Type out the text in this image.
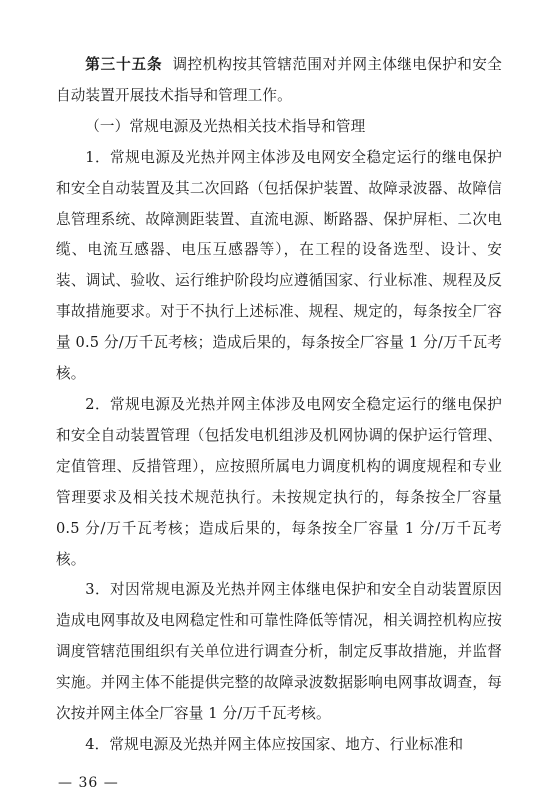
第三十五条 调控机构按其管辖范围对并网主体继电保护和安全自动装置开展技术指导和管理工作。

（一）常规电源及光热相关技术指导和管理

1．常规电源及光热并网主体涉及电网安全稳定运行的继电保护和安全自动装置及其二次回路（包括保护装置、故障录波器、故障信息管理系统、故障测距装置、直流电源、断路器、保护屏柜、二次电缆、电流互感器、电压互感器等），在工程的设备选型、设计、安装、调试、验收、运行维护阶段均应遵循国家、行业标准、规程及反事故措施要求。对于不执行上述标准、规程、规定的，每条按全厂容量 0.5 分/万千瓦考核；造成后果的，每条按全厂容量 1 分/万千瓦考核。

2．常规电源及光热并网主体涉及电网安全稳定运行的继电保护和安全自动装置管理（包括发电机组涉及机网协调的保护运行管理、定值管理、反措管理），应按照所属电力调度机构的调度规程和专业管理要求及相关技术规范执行。未按规定执行的，每条按全厂容量 0.5 分/万千瓦考核；造成后果的，每条按全厂容量 1 分/万千瓦考核。

3．对因常规电源及光热并网主体继电保护和安全自动装置原因造成电网事故及电网稳定性和可靠性降低等情况，相关调控机构应按调度管辖范围组织有关单位进行调查分析，制定反事故措施，并监督实施。并网主体不能提供完整的故障录波数据影响电网事故调查，每次按并网主体全厂容量 1 分/万千瓦考核。

4．常规电源及光热并网主体应按国家、地方、行业标准和

— 36 —
